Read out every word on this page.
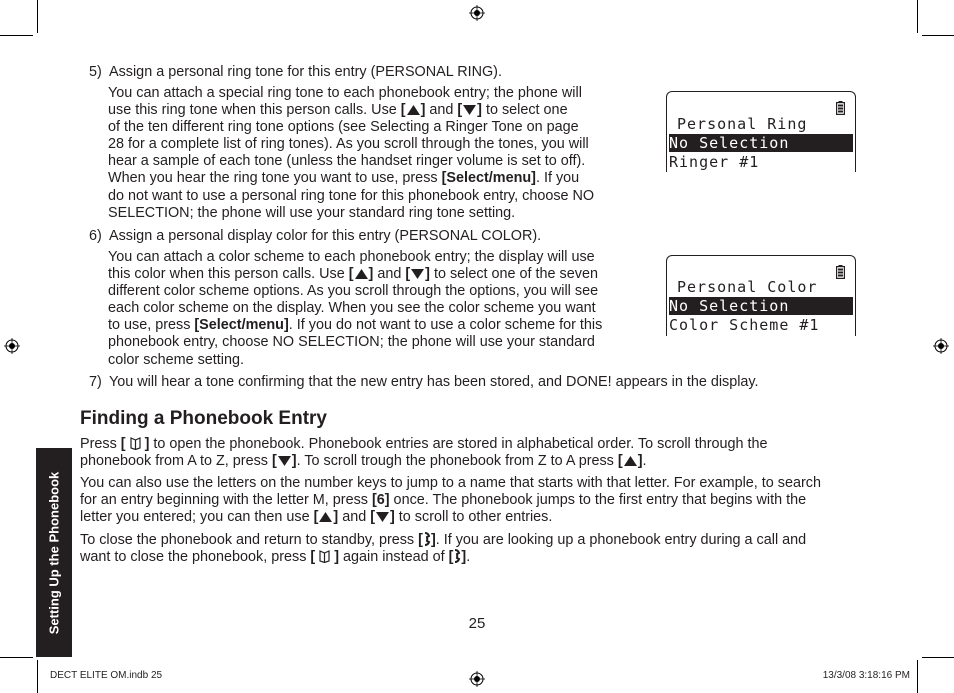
5) Assign a personal ring tone for this entry (PERSONAL RING).
You can attach a special ring tone to each phonebook entry; the phone will
use this ring tone when this person calls. Use [ ] and [ ] to select one
of the ten different ring tone options (see Selecting a Ringer Tone on page
28 for a complete list of ring tones). As you scroll through the tones, you will
hear a sample of each tone (unless the handset ringer volume is set to off).
When you hear the ring tone you want to use, press [Select/menu]. If you
do not want to use a personal ring tone for this phonebook entry, choose NO
SELECTION; the phone will use your standard ring tone setting.
Personal Ring
No Selection
Ringer #1
6) Assign a personal display color for this entry (PERSONAL COLOR).
You can attach a color scheme to each phonebook entry; the display will use
this color when this person calls. Use [ ] and [ ] to select one of the seven
different color scheme options. As you scroll through the options, you will see
each color scheme on the display. When you see the color scheme you want
to use, press [Select/menu]. If you do not want to use a color scheme for this
phonebook entry, choose NO SELECTION; the phone will use your standard
color scheme setting.
Personal Color
No Selection
Color Scheme #1
7) You will hear a tone confirming that the new entry has been stored, and DONE! appears in the display.
Finding a Phonebook Entry
Press [  ] to open the phonebook. Phonebook entries are stored in alphabetical order. To scroll through the
phonebook from A to Z, press [ ]. To scroll trough the phonebook from Z to A press [ ].
You can also use the letters on the number keys to jump to a name that starts with that letter. For example, to search
for an entry beginning with the letter M, press [6] once. The phonebook jumps to the first entry that begins with the
letter you entered; you can then use [ ] and [ ] to scroll to other entries.
To close the phonebook and return to standby, press [ ]. If you are looking up a phonebook entry during a call and
want to close the phonebook, press [  ] again instead of [ ].
Setting Up the Phonebook	25
DECT ELITE OM.indb 25	13/3/08 3:18:16 PM
